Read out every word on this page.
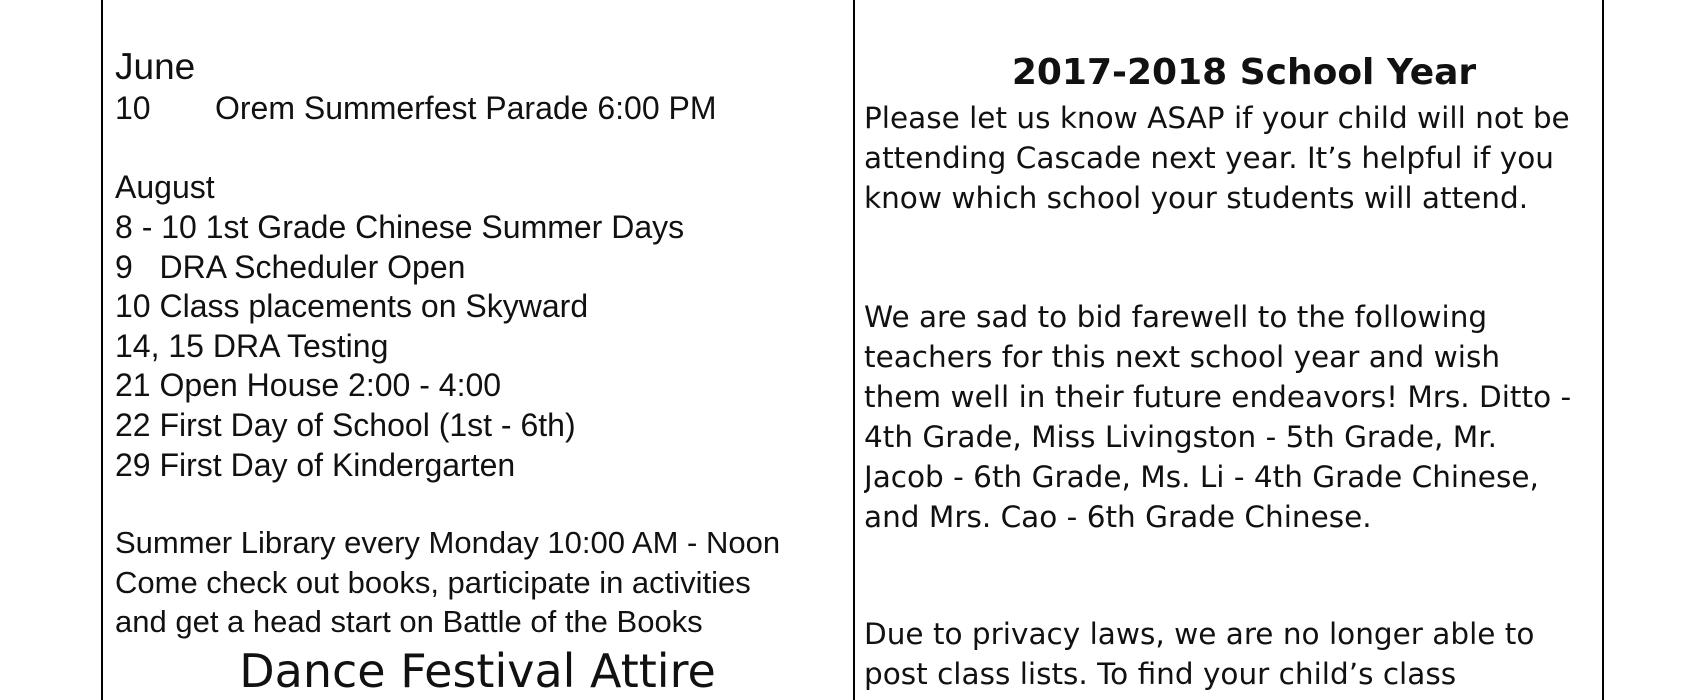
June
10 Orem Summerfest Parade 6:00 PM
August
8 - 10 1st Grade Chinese Summer Days
9   DRA Scheduler Open
10 Class placements on Skyward
14, 15 DRA Testing
21 Open House 2:00 - 4:00
22 First Day of School (1st - 6th)
29 First Day of Kindergarten
Summer Library every Monday 10:00 AM - Noon
Come check out books, participate in activities
and get a head start on Battle of the Books
Dance Festival Attire
2017-2018 School Year
Please let us know ASAP if your child will not be attending Cascade next year. It’s helpful if you know which school your students will attend.
We are sad to bid farewell to the following teachers for this next school year and wish them well in their future endeavors! Mrs. Ditto - 4th Grade, Miss Livingston - 5th Grade, Mr. Jacob - 6th Grade, Ms. Li - 4th Grade Chinese, and Mrs. Cao - 6th Grade Chinese.
Due to privacy laws, we are no longer able to post class lists. To find your child’s class
